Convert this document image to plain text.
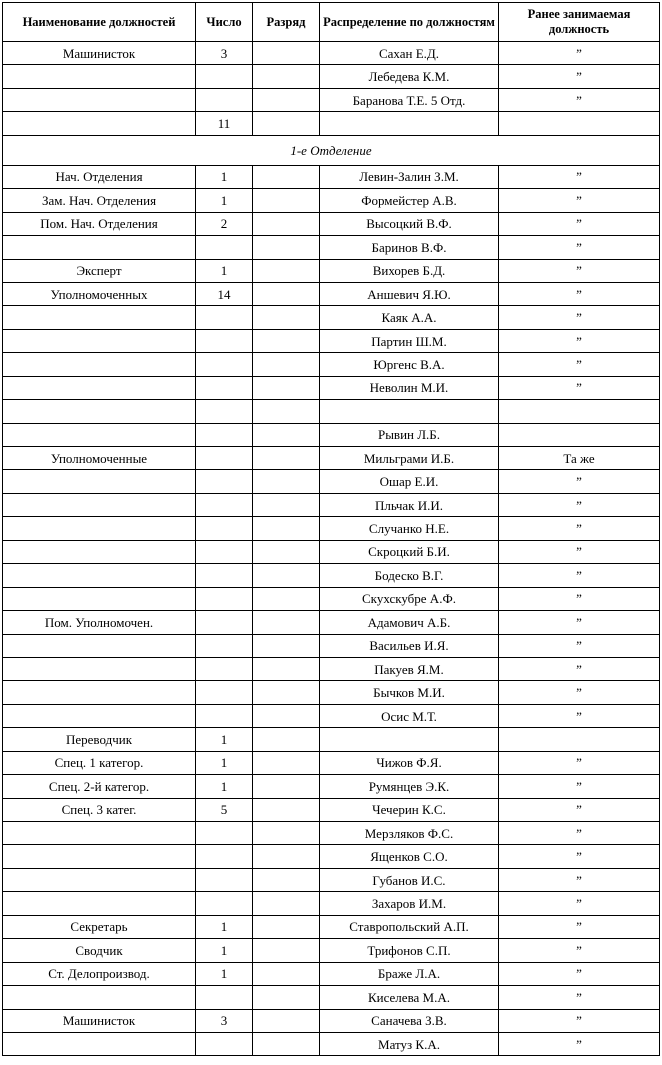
Наименование должностей	Число	Разряд	Распределение по должностям	Ранее занимаемая должность
Машинисток	3		Сахан Е.Д.	”
			Лебедева К.М.	”
			Баранова Т.Е. 5 Отд.	”
	11			
1-е Отделение				
Нач. Отделения	1		Левин-Залин З.М.	”
Зам. Нач. Отделения	1		Формейстер А.В.	”
Пом. Нач. Отделения	2		Высоцкий В.Ф.	”
			Баринов В.Ф.	”
Эксперт	1		Вихорев Б.Д.	”
Уполномоченных	14		Аншевич Я.Ю.	”
			Каяк А.А.	”
			Партин Ш.М.	”
			Юргенс В.А.	”
			Неволин М.И.	”

			Рывин Л.Б.	
Уполномоченные			Мильграми И.Б.	Та же
			Ошар Е.И.	”
			Пльчак И.И.	”
			Случанко Н.Е.	”
			Скроцкий Б.И.	”
			Бодеско В.Г.	”
			Скухскубре А.Ф.	”
Пом. Уполномочен.			Адамович А.Б.	”
			Васильев И.Я.	”
			Пакуев Я.М.	”
			Бычков М.И.	”
			Осис М.Т.	”
Переводчик	1			
Спец. 1 категор.	1		Чижов Ф.Я.	”
Спец. 2-й категор.	1		Румянцев Э.К.	”
Спец. 3 катег.	5		Чечерин К.С.	”
			Мерзляков Ф.С.	”
			Ященков С.О.	”
			Губанов И.С.	”
			Захаров И.М.	”
Секретарь	1		Ставропольский А.П.	”
Сводчик	1		Трифонов С.П.	”
Ст. Делопроизвод.	1		Браже Л.А.	”
			Киселева М.А.	”
Машинисток	3		Саначева З.В.	”
			Матуз К.А.	”
